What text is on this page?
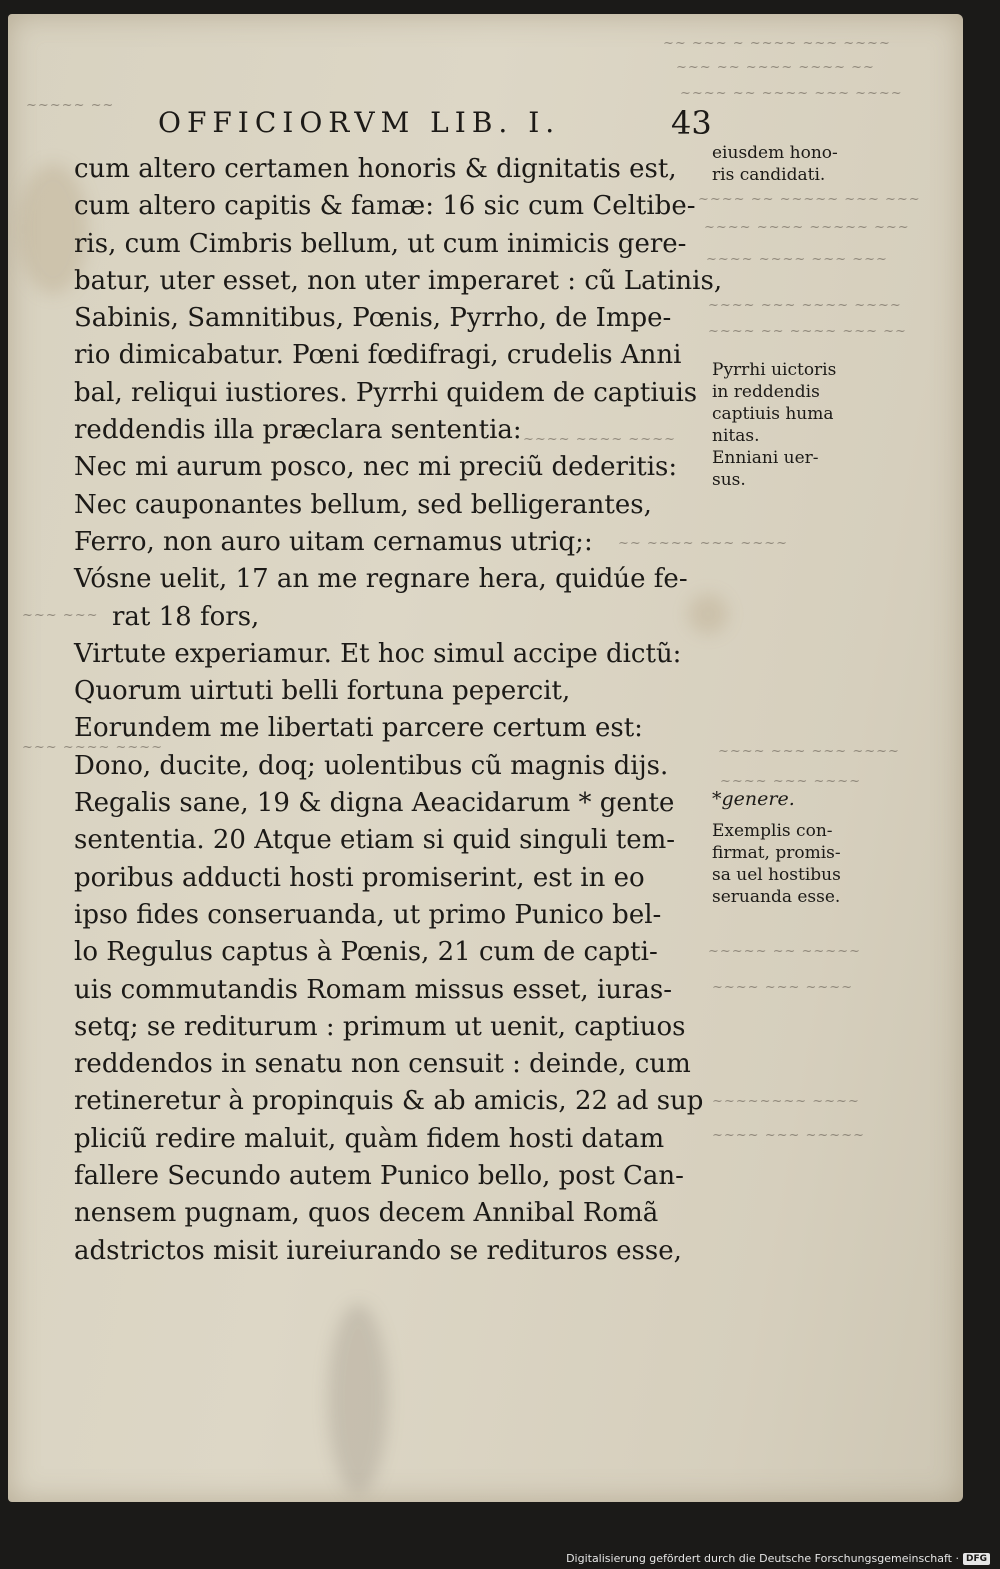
~~ ~~~ ~ ~~~~ ~~~ ~~~~
~~~ ~~ ~~~~ ~~~~ ~~
~~~~ ~~ ~~~~ ~~~ ~~~~
~~~~ ~~ ~~~~~ ~~~ ~~~
~~~~ ~~~~ ~~~~~ ~~~
~~~~ ~~~~ ~~~ ~~~
~~~~ ~~~ ~~~~ ~~~~
~~~~ ~~ ~~~~ ~~~ ~~
~~~~ ~~~~ ~~~~
~~ ~~~~ ~~~ ~~~~
~~~~ ~~~ ~~~ ~~~~
~~~~ ~~~ ~~~~
~~~~~ ~~ ~~~~~
~~~~ ~~~ ~~~~
~~~~~~~~ ~~~~
~~~~ ~~~ ~~~~~
~~~~~ ~~
~~~ ~~~
~~~ ~~~~ ~~~~
OFFICIORVM LIB. I.	43
cum altero certamen honoris & dignitatis est,
cum altero capitis & famæ: 16 sic cum Celtibe-
ris, cum Cimbris bellum, ut cum inimicis gere-
batur, uter esset, non uter imperaret : cũ Latinis,
Sabinis, Samnitibus, Pœnis, Pyrrho, de Impe-
rio dimicabatur. Pœni fœdifragi, crudelis Anni
bal, reliqui iustiores. Pyrrhi quidem de captiuis
reddendis illa præclara sententia:
Nec mi aurum posco, nec mi preciũ dederitis:
Nec cauponantes bellum, sed belligerantes,
Ferro, non auro uitam cernamus utriq;:
Vósne uelit, 17 an me regnare hera, quidúe fe-
rat 18 fors,
Virtute experiamur. Et hoc simul accipe dictũ:
Quorum uirtuti belli fortuna pepercit,
Eorundem me libertati parcere certum est:
Dono, ducite, doq; uolentibus cũ magnis dijs.
Regalis sane, 19 & digna Aeacidarum * gente
sententia. 20 Atque etiam si quid singuli tem-
poribus adducti hosti promiserint, est in eo
ipso fides conseruanda, ut primo Punico bel-
lo Regulus captus à Pœnis, 21 cum de capti-
uis commutandis Romam missus esset, iuras-
setq; se rediturum : primum ut uenit, captiuos
reddendos in senatu non censuit : deinde, cum
retineretur à propinquis & ab amicis, 22 ad sup
pliciũ redire maluit, quàm fidem hosti datam
fallere Secundo autem Punico bello, post Can-
nensem pugnam, quos decem Annibal Romã
adstrictos misit iureiurando se redituros esse,
eiusdem hono-
ris candidati.
Pyrrhi uictoris
in reddendis
captiuis huma
nitas.
Enniani uer-
sus.
*genere.
Exemplis con-
firmat, promis-
sa uel hostibus
seruanda esse.
Digitalisierung gefördert durch die Deutsche Forschungsgemeinschaft · DFG
